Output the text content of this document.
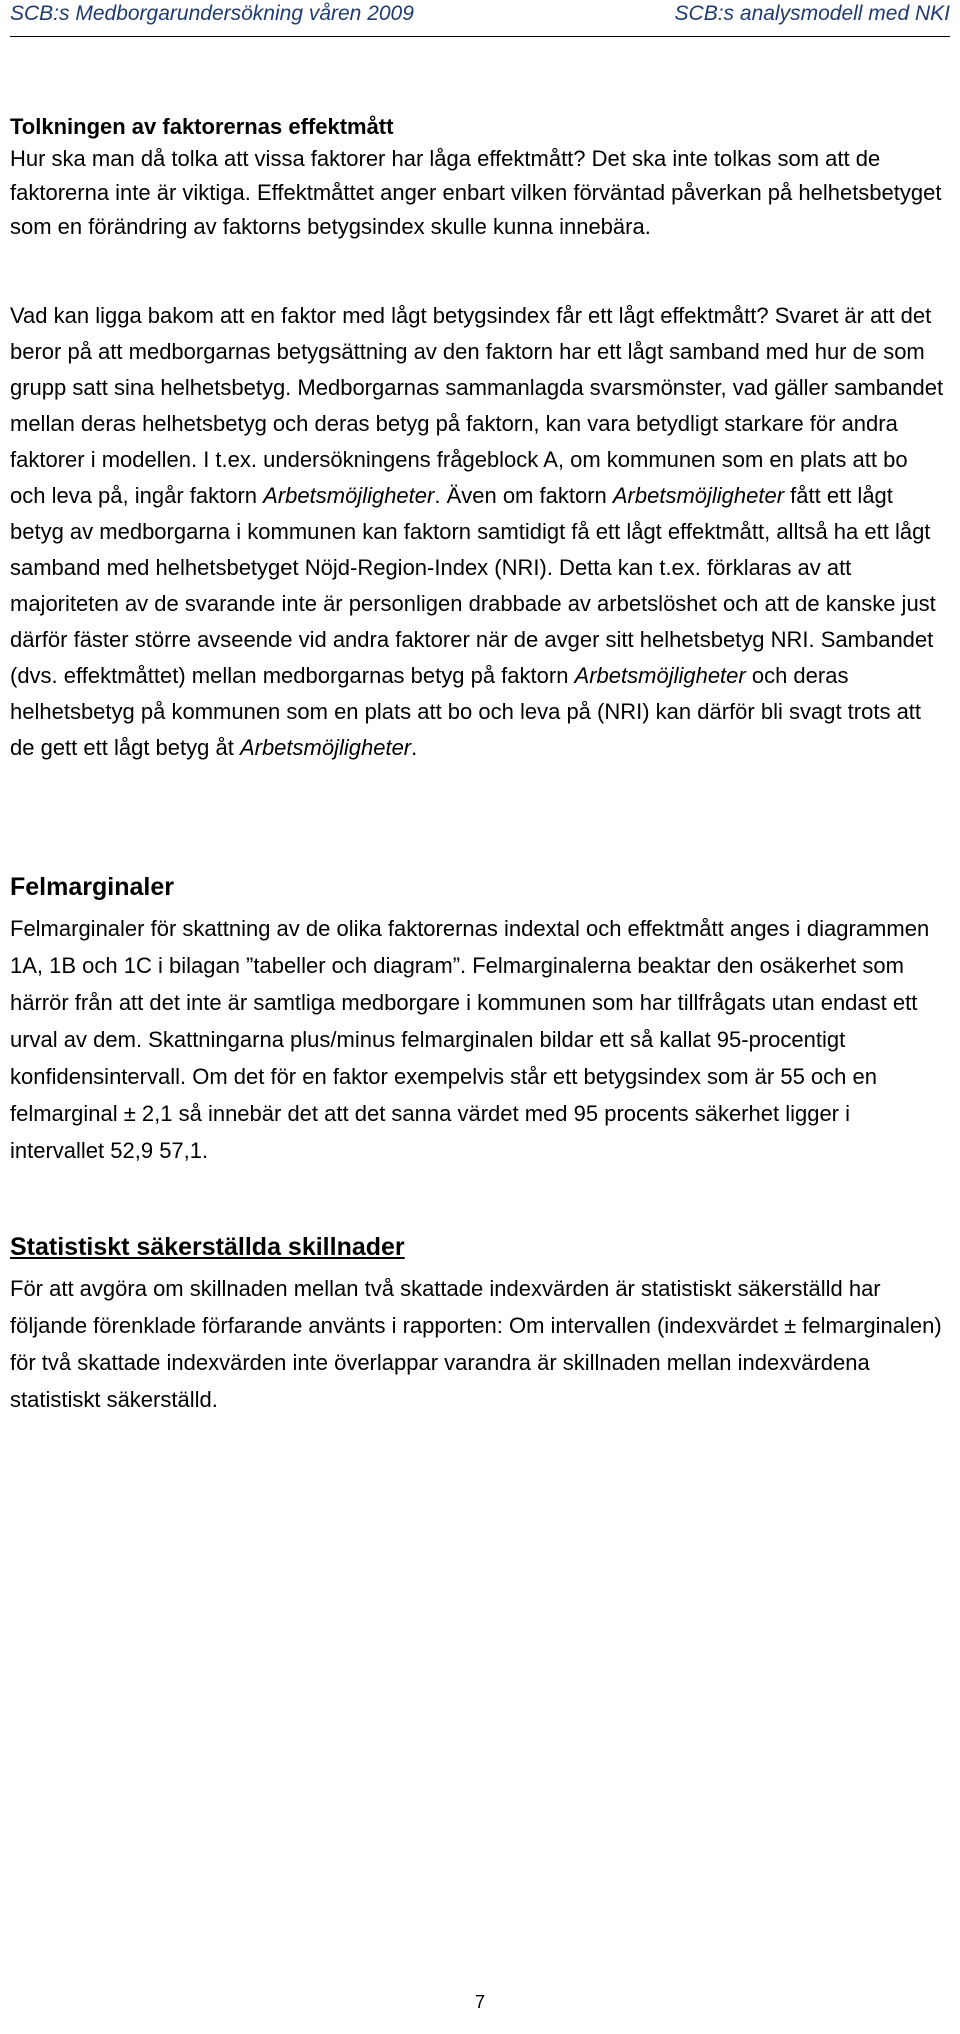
SCB:s Medborgarundersökning våren 2009	SCB:s analysmodell med NKI
Tolkningen av faktorernas effektmått

Hur ska man då tolka att vissa faktorer har låga effektmått? Det ska inte tolkas som att de faktorerna inte är viktiga. Effektmåttet anger enbart vilken förväntad påverkan på helhetsbetyget som en förändring av faktorns betygsindex skulle kunna innebära.

Vad kan ligga bakom att en faktor med lågt betygsindex får ett lågt effektmått? Svaret är att det beror på att medborgarnas betygsättning av den faktorn har ett lågt samband med hur de som grupp satt sina helhetsbetyg. Medborgarnas sammanlagda svarsmönster, vad gäller sambandet mellan deras helhetsbetyg och deras betyg på faktorn, kan vara betydligt starkare för andra faktorer i modellen. I t.ex. undersökningens frågeblock A, om kommunen som en plats att bo och leva på, ingår faktorn Arbetsmöjligheter. Även om faktorn Arbetsmöjligheter fått ett lågt betyg av medborgarna i kommunen kan faktorn samtidigt få ett lågt effektmått, alltså ha ett lågt samband med helhetsbetyget Nöjd-Region-Index (NRI). Detta kan t.ex. förklaras av att majoriteten av de svarande inte är personligen drabbade av arbetslöshet och att de kanske just därför fäster större avseende vid andra faktorer när de avger sitt helhetsbetyg NRI. Sambandet (dvs. effektmåttet) mellan medborgarnas betyg på faktorn Arbetsmöjligheter och deras helhetsbetyg på kommunen som en plats att bo och leva på (NRI) kan därför bli svagt trots att de gett ett lågt betyg åt Arbetsmöjligheter.

Felmarginaler

Felmarginaler för skattning av de olika faktorernas indextal och effektmått anges i diagrammen 1A, 1B och 1C i bilagan ”tabeller och diagram”. Felmarginalerna beaktar den osäkerhet som härrör från att det inte är samtliga medborgare i kommunen som har tillfrågats utan endast ett urval av dem. Skattningarna plus/minus felmarginalen bildar ett så kallat 95-procentigt konfidensintervall. Om det för en faktor exempelvis står ett betygsindex som är 55 och en felmarginal ± 2,1 så innebär det att det sanna värdet med 95 procents säkerhet ligger i intervallet 52,9 57,1.

Statistiskt säkerställda skillnader

För att avgöra om skillnaden mellan två skattade indexvärden är statistiskt säkerställd har följande förenklade förfarande använts i rapporten: Om intervallen (indexvärdet ± felmarginalen) för två skattade indexvärden inte överlappar varandra är skillnaden mellan indexvärdena statistiskt säkerställd.

7
